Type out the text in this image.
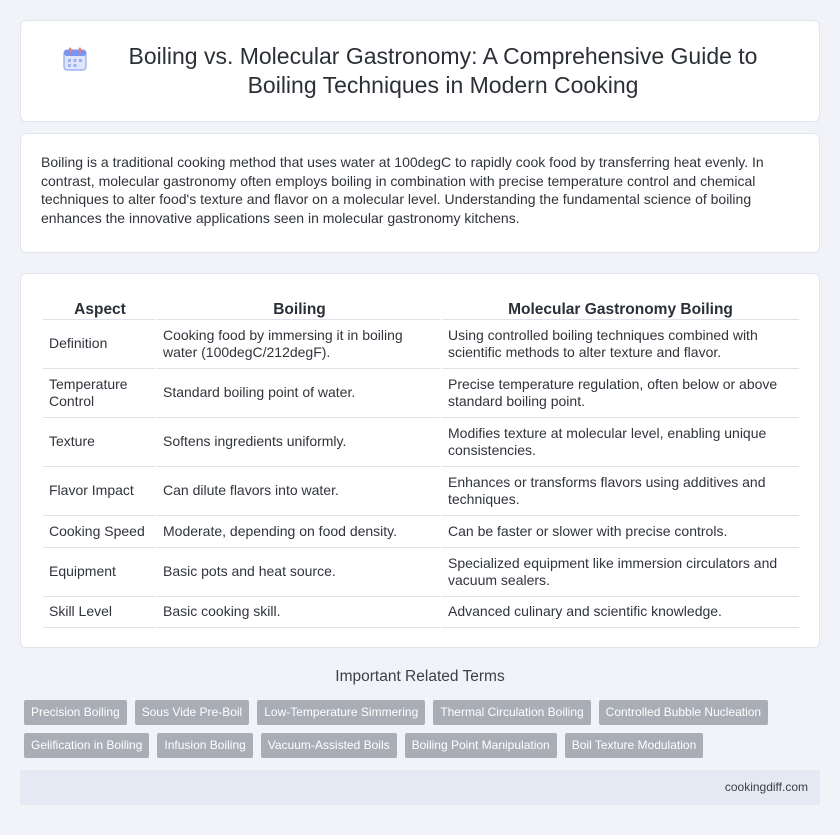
Boiling vs. Molecular Gastronomy: A Comprehensive Guide to Boiling Techniques in Modern Cooking

Boiling is a traditional cooking method that uses water at 100degC to rapidly cook food by transferring heat evenly. In contrast, molecular gastronomy often employs boiling in combination with precise temperature control and chemical techniques to alter food's texture and flavor on a molecular level. Understanding the fundamental science of boiling enhances the innovative applications seen in molecular gastronomy kitchens.

Aspect	Boiling	Molecular Gastronomy Boiling
Definition	Cooking food by immersing it in boiling water (100degC/212degF).	Using controlled boiling techniques combined with scientific methods to alter texture and flavor.
Temperature Control	Standard boiling point of water.	Precise temperature regulation, often below or above standard boiling point.
Texture	Softens ingredients uniformly.	Modifies texture at molecular level, enabling unique consistencies.
Flavor Impact	Can dilute flavors into water.	Enhances or transforms flavors using additives and techniques.
Cooking Speed	Moderate, depending on food density.	Can be faster or slower with precise controls.
Equipment	Basic pots and heat source.	Specialized equipment like immersion circulators and vacuum sealers.
Skill Level	Basic cooking skill.	Advanced culinary and scientific knowledge.
Important Related Terms
Precision Boiling	Sous Vide Pre-Boil	Low-Temperature Simmering	Thermal Circulation Boiling	Controlled Bubble Nucleation
Gelification in Boiling	Infusion Boiling	Vacuum-Assisted Boils	Boiling Point Manipulation	Boil Texture Modulation
cookingdiff.com
